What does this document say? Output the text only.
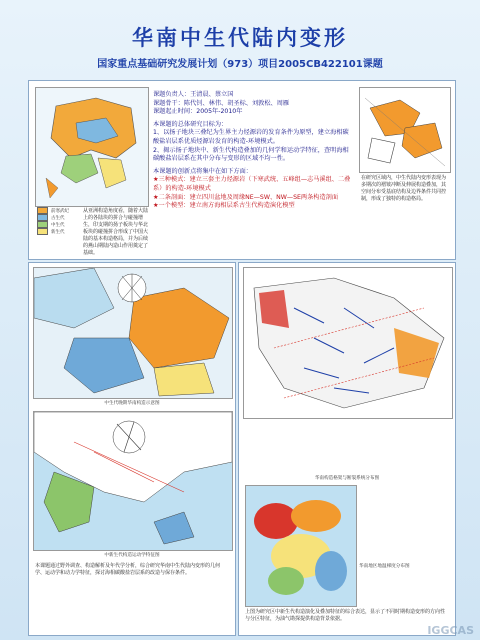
华南中生代陆内变形
国家重点基础研究发展计划（973）项目2005CB422101课题
前寒武纪
古生代
中生代
新生代
从亚洲构造角度看，随着大陆上的各陆块的拼合与碰撞增生，印支期的扬子板块与华北板块的碰撞拼合形成了中国大陆的基本构造格局，并为后续的燕山期陆内造山作用奠定了基础。
课题负责人：王清晨、蔡立国
课题骨干：陈代钊、林伟、胡圣标、刘敦松、周雁
课题起止时间：2005年-2010年
本课题的总体研究目标为：
1、以扬子地块三叠纪为生界主力烃源岩的发育条件为原型，建立海相碳酸盐岩层系优质烃源岩发育的构造-环境模式。
2、揭示扬子地块中、新生代构造叠加的几何学和运动学特征，查明海相碳酸盐岩层系在其中分布与变形的区域不均一性。
本课题的创新点将集中在如下方面：
★三种模式：建立三套主力烃源岩（下寒武统、五峰组—志马溪组、二叠系）的构造-环境模式
★二条剖面：建立四川盆地及周缘NE—SW、NW—SE两条构造剖面
★一个模型：建立南方海相层系古生代构造演化模型
在研究区域内，中生代陆内变形表现为多期次的褶皱冲断及伸展构造叠加，其空间分布受基底结构及边界条件共同控制，形成了独特的构造格局。
中生代晚期华南构造示意图
中新生代构造运动学特征图
本课题通过野外调查、构造解析及年代学分析，综合研究华南中生代陆内变形的几何学、运动学和动力学特征，探讨海相碳酸盐岩层系的改造与保存条件。
华南构造格架与断裂系统分布图
华南地区地温梯度分布图
上图为研究区中新生代构造演化及叠加特征的综合表达，显示了不同时期构造变形的方向性与分区特征，为油气勘探提供构造背景依据。
IGGCAS
